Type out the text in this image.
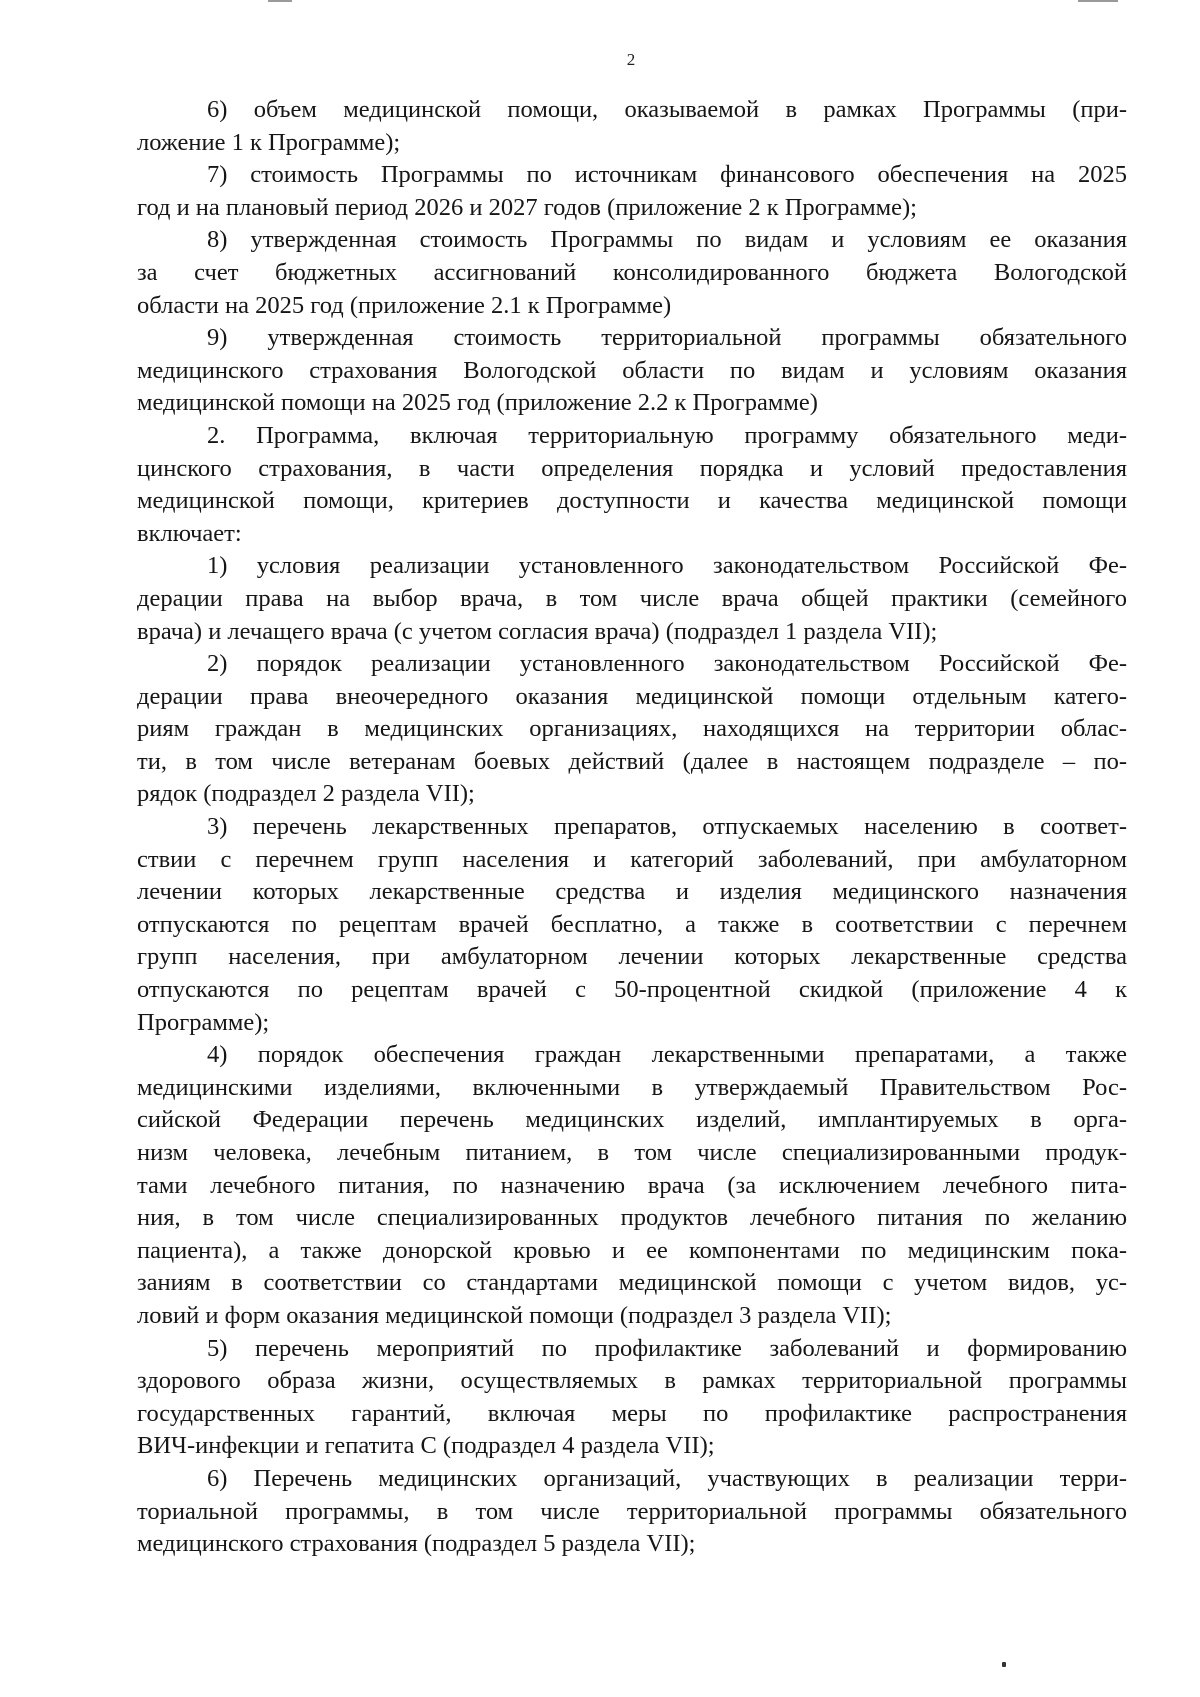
2
6) объем медицинской помощи, оказываемой в рамках Программы (при-
ложение 1 к Программе);
7) стоимость Программы по источникам финансового обеспечения на 2025
год и на плановый период 2026 и 2027 годов (приложение 2 к Программе);
8) утвержденная стоимость Программы по видам и условиям ее оказания
за счет бюджетных ассигнований консолидированного бюджета Вологодской
области на 2025 год (приложение 2.1 к Программе)
9) утвержденная стоимость территориальной программы обязательного
медицинского страхования Вологодской области по видам и условиям оказания
медицинской помощи на 2025 год (приложение 2.2 к Программе)
2. Программа, включая территориальную программу обязательного меди-
цинского страхования, в части определения порядка и условий предоставления
медицинской помощи, критериев доступности и качества медицинской помощи
включает:
1) условия реализации установленного законодательством Российской Фе-
дерации права на выбор врача, в том числе врача общей практики (семейного
врача) и лечащего врача (с учетом согласия врача) (подраздел 1 раздела VII);
2) порядок реализации установленного законодательством Российской Фе-
дерации права внеочередного оказания медицинской помощи отдельным катего-
риям граждан в медицинских организациях, находящихся на территории облас-
ти, в том числе ветеранам боевых действий (далее в настоящем подразделе – по-
рядок (подраздел 2 раздела VII);
3) перечень лекарственных препаратов, отпускаемых населению в соответ-
ствии с перечнем групп населения и категорий заболеваний, при амбулаторном
лечении которых лекарственные средства и изделия медицинского назначения
отпускаются по рецептам врачей бесплатно, а также в соответствии с перечнем
групп населения, при амбулаторном лечении которых лекарственные средства
отпускаются по рецептам врачей с 50-процентной скидкой (приложение 4 к
Программе);
4) порядок обеспечения граждан лекарственными препаратами, а также
медицинскими изделиями, включенными в утверждаемый Правительством Рос-
сийской Федерации перечень медицинских изделий, имплантируемых в орга-
низм человека, лечебным питанием, в том числе специализированными продук-
тами лечебного питания, по назначению врача (за исключением лечебного пита-
ния, в том числе специализированных продуктов лечебного питания по желанию
пациента), а также донорской кровью и ее компонентами по медицинским пока-
заниям в соответствии со стандартами медицинской помощи с учетом видов, ус-
ловий и форм оказания медицинской помощи (подраздел 3 раздела VII);
5) перечень мероприятий по профилактике заболеваний и формированию
здорового образа жизни, осуществляемых в рамках территориальной программы
государственных гарантий, включая меры по профилактике распространения
ВИЧ-инфекции и гепатита С (подраздел 4 раздела VII);
6) Перечень медицинских организаций, участвующих в реализации терри-
ториальной программы, в том числе территориальной программы обязательного
медицинского страхования (подраздел 5 раздела VII);
